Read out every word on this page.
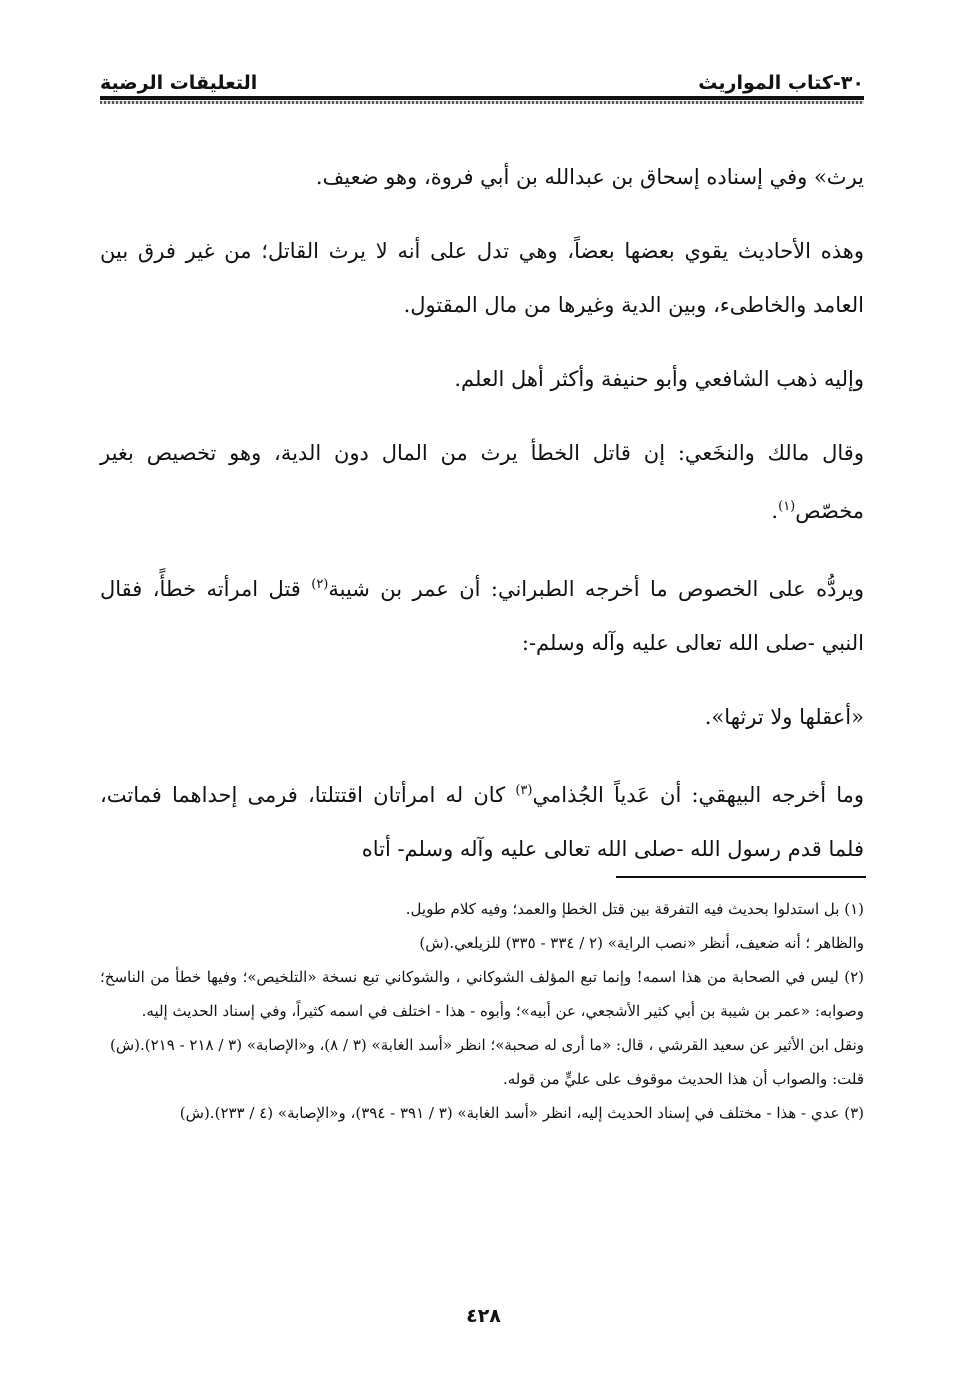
٣٠-كتاب المواريث
التعليقات الرضية

يرث» وفي إسناده إسحاق بن عبدالله بن أبي فروة، وهو ضعيف.

وهذه الأحاديث يقوي بعضها بعضاً، وهي تدل على أنه لا يرث القاتل؛ من غير فرق بين العامد والخاطىء، وبين الدية وغيرها من مال المقتول.

وإليه ذهب الشافعي وأبو حنيفة وأكثر أهل العلم.

وقال مالك والنخَعي: إن قاتل الخطأ يرث من المال دون الدية، وهو تخصيص بغير مخصّص$^{(١)}$.

ويردُّه على الخصوص ما أخرجه الطبراني: أن عمر بن شيبة$^{(٢)}$ قتل امرأته خطأً، فقال النبي -صلى الله تعالى عليه وآله وسلم-:

«أعقلها ولا ترثها».

وما أخرجه البيهقي: أن عَدياً الجُذامي$^{(٣)}$ كان له امرأتان اقتتلتا، فرمى إحداهما فماتت، فلما قدم رسول الله -صلى الله تعالى عليه وآله وسلم- أتاه

(١) بل استدلوا بحديث فيه التفرقة بين قتل الخطإ والعمد؛ وفيه كلام طويل.

والظاهر ؛ أنه ضعيف، أنظر «نصب الراية» (٢ / ٣٣٤ - ٣٣٥) للزيلعي.(ش)

(٢) ليس في الصحابة من هذا اسمه! وإنما تبع المؤلف الشوكاني ، والشوكاني تبع نسخة «التلخيص»؛ وفيها خطأ من الناسخ؛ وصوابه: «عمر بن شيبة بن أبي كثير الأشجعي، عن أبيه»؛ وأبوه - هذا - اختلف في اسمه كثيراً، وفي إسناد الحديث إليه.

ونقل ابن الأثير عن سعيد القرشي ، قال: «ما أرى له صحبة»؛ انظر «أسد الغابة» (٣ / ٨)، و«الإصابة» (٣ / ٢١٨ - ٢١٩).(ش)

قلت: والصواب أن هذا الحديث موقوف على عليٍّ من قوله.

(٣) عدي - هذا - مختلف في إسناد الحديث إليه، انظر «أسد الغابة» (٣ / ٣٩١ - ٣٩٤)، و«الإصابة» (٤ / ٢٣٣).(ش)

٤٢٨
